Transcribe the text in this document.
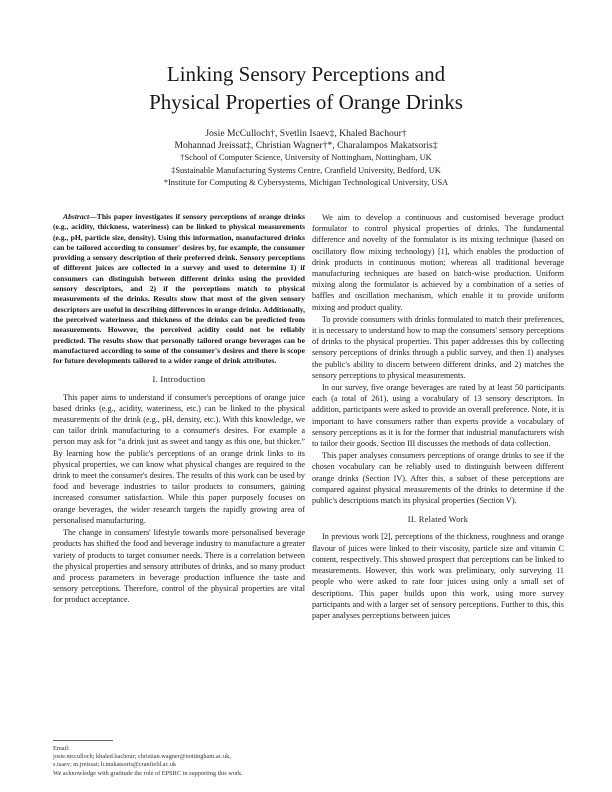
Linking Sensory Perceptions and
Physical Properties of Orange Drinks
Josie McCulloch†, Svetlin Isaev‡, Khaled Bachour†
Mohannad Jreissat‡, Christian Wagner†*, Charalampos Makatsoris‡
†School of Computer Science, University of Nottingham, Nottingham, UK
‡Sustainable Manufacturing Systems Centre, Cranfield University, Bedford, UK
*Institute for Computing & Cybersystems, Michigan Technological University, USA

Abstract—This paper investigates if sensory perceptions of orange drinks (e.g., acidity, thickness, wateriness) can be linked to physical measurements (e.g., pH, particle size, density). Using this information, manufactured drinks can be tailored according to consumer' desires by, for example, the consumer providing a sensory description of their preferred drink. Sensory perceptions of different juices are collected in a survey and used to determine 1) if consumers can distinguish between different drinks using the provided sensory descriptors, and 2) if the perceptions match to physical measurements of the drinks. Results show that most of the given sensory descriptors are useful in describing differences in orange drinks. Additionally, the perceived wateriness and thickness of the drinks can be predicted from measurements. However, the perceived acidity could not be reliably predicted. The results show that personally tailored orange beverages can be manufactured according to some of the consumer's desires and there is scope for future developments tailored to a wider range of drink attributes.

I. Introduction

This paper aims to understand if consumer's perceptions of orange juice based drinks (e.g., acidity, wateriness, etc.) can be linked to the physical measurements of the drink (e.g., pH, density, etc.). With this knowledge, we can tailor drink manufacturing to a consumer's desires. For example a person may ask for “a drink just as sweet and tangy as this one, but thicker.” By learning how the public's perceptions of an orange drink links to its physical properties, we can know what physical changes are required to the drink to meet the consumer's desires. The results of this work can be used by food and beverage industries to tailor products to consumers, gaining increased consumer satisfaction. While this paper purposely focuses on orange beverages, the wider research targets the rapidly growing area of personalised manufacturing.

The change in consumers' lifestyle towards more personalised beverage products has shifted the food and beverage industry to manufacture a greater variety of products to target consumer needs. There is a correlation between the physical properties and sensory attributes of drinks, and so many product and process parameters in beverage production influence the taste and sensory perceptions. Therefore, control of the physical properties are vital for product acceptance.

We aim to develop a continuous and customised beverage product formulator to control physical properties of drinks. The fundamental difference and novelty of the formulator is its mixing technique (based on oscillatory flow mixing technology) [1], which enables the production of drink products in continuous motion; whereas all traditional beverage manufacturing techniques are based on batch-wise production. Uniform mixing along the formulator is achieved by a combination of a series of baffles and oscillation mechanism, which enable it to provide uniform mixing and product quality.

To provide consumers with drinks formulated to match their preferences, it is necessary to understand how to map the consumers' sensory perceptions of drinks to the physical properties. This paper addresses this by collecting sensory perceptions of drinks through a public survey, and then 1) analyses the public's ability to discern between different drinks, and 2) matches the sensory perceptions to physical measurements.

In our survey, five orange beverages are rated by at least 50 participants each (a total of 261), using a vocabulary of 13 sensory descriptors. In addition, participants were asked to provide an overall preference. Note, it is important to have consumers rather than experts provide a vocabulary of sensory perceptions as it is for the former that industrial manufacturers wish to tailor their goods. Section III discusses the methods of data collection.

This paper analyses consumers perceptions of orange drinks to see if the chosen vocabulary can be reliably used to distinguish between different orange drinks (Section IV). After this, a subset of these perceptions are compared against physical measurements of the drinks to determine if the public's descriptions match its physical properties (Section V).

II. Related Work

In previous work [2], perceptions of the thickness, roughness and orange flavour of juices were linked to their viscosity, particle size and vitamin C content, respectively. This showed prospect that perceptions can be linked to measurements. However, this work was preliminary, only surveying 11 people who were asked to rate four juices using only a small set of descriptions. This paper builds upon this work, using more survey participants and with a larger set of sensory perceptions. Further to this, this paper analyses perceptions between juices

Email:
josie.mcculloch; khaled.bachour; christian.wagner@nottingham.ac.uk,
s.isaev; m.jreissat; h.makatsoris@cranfield.ac.uk
We acknowledge with gratitude the role of EPSRC in supporting this work.
